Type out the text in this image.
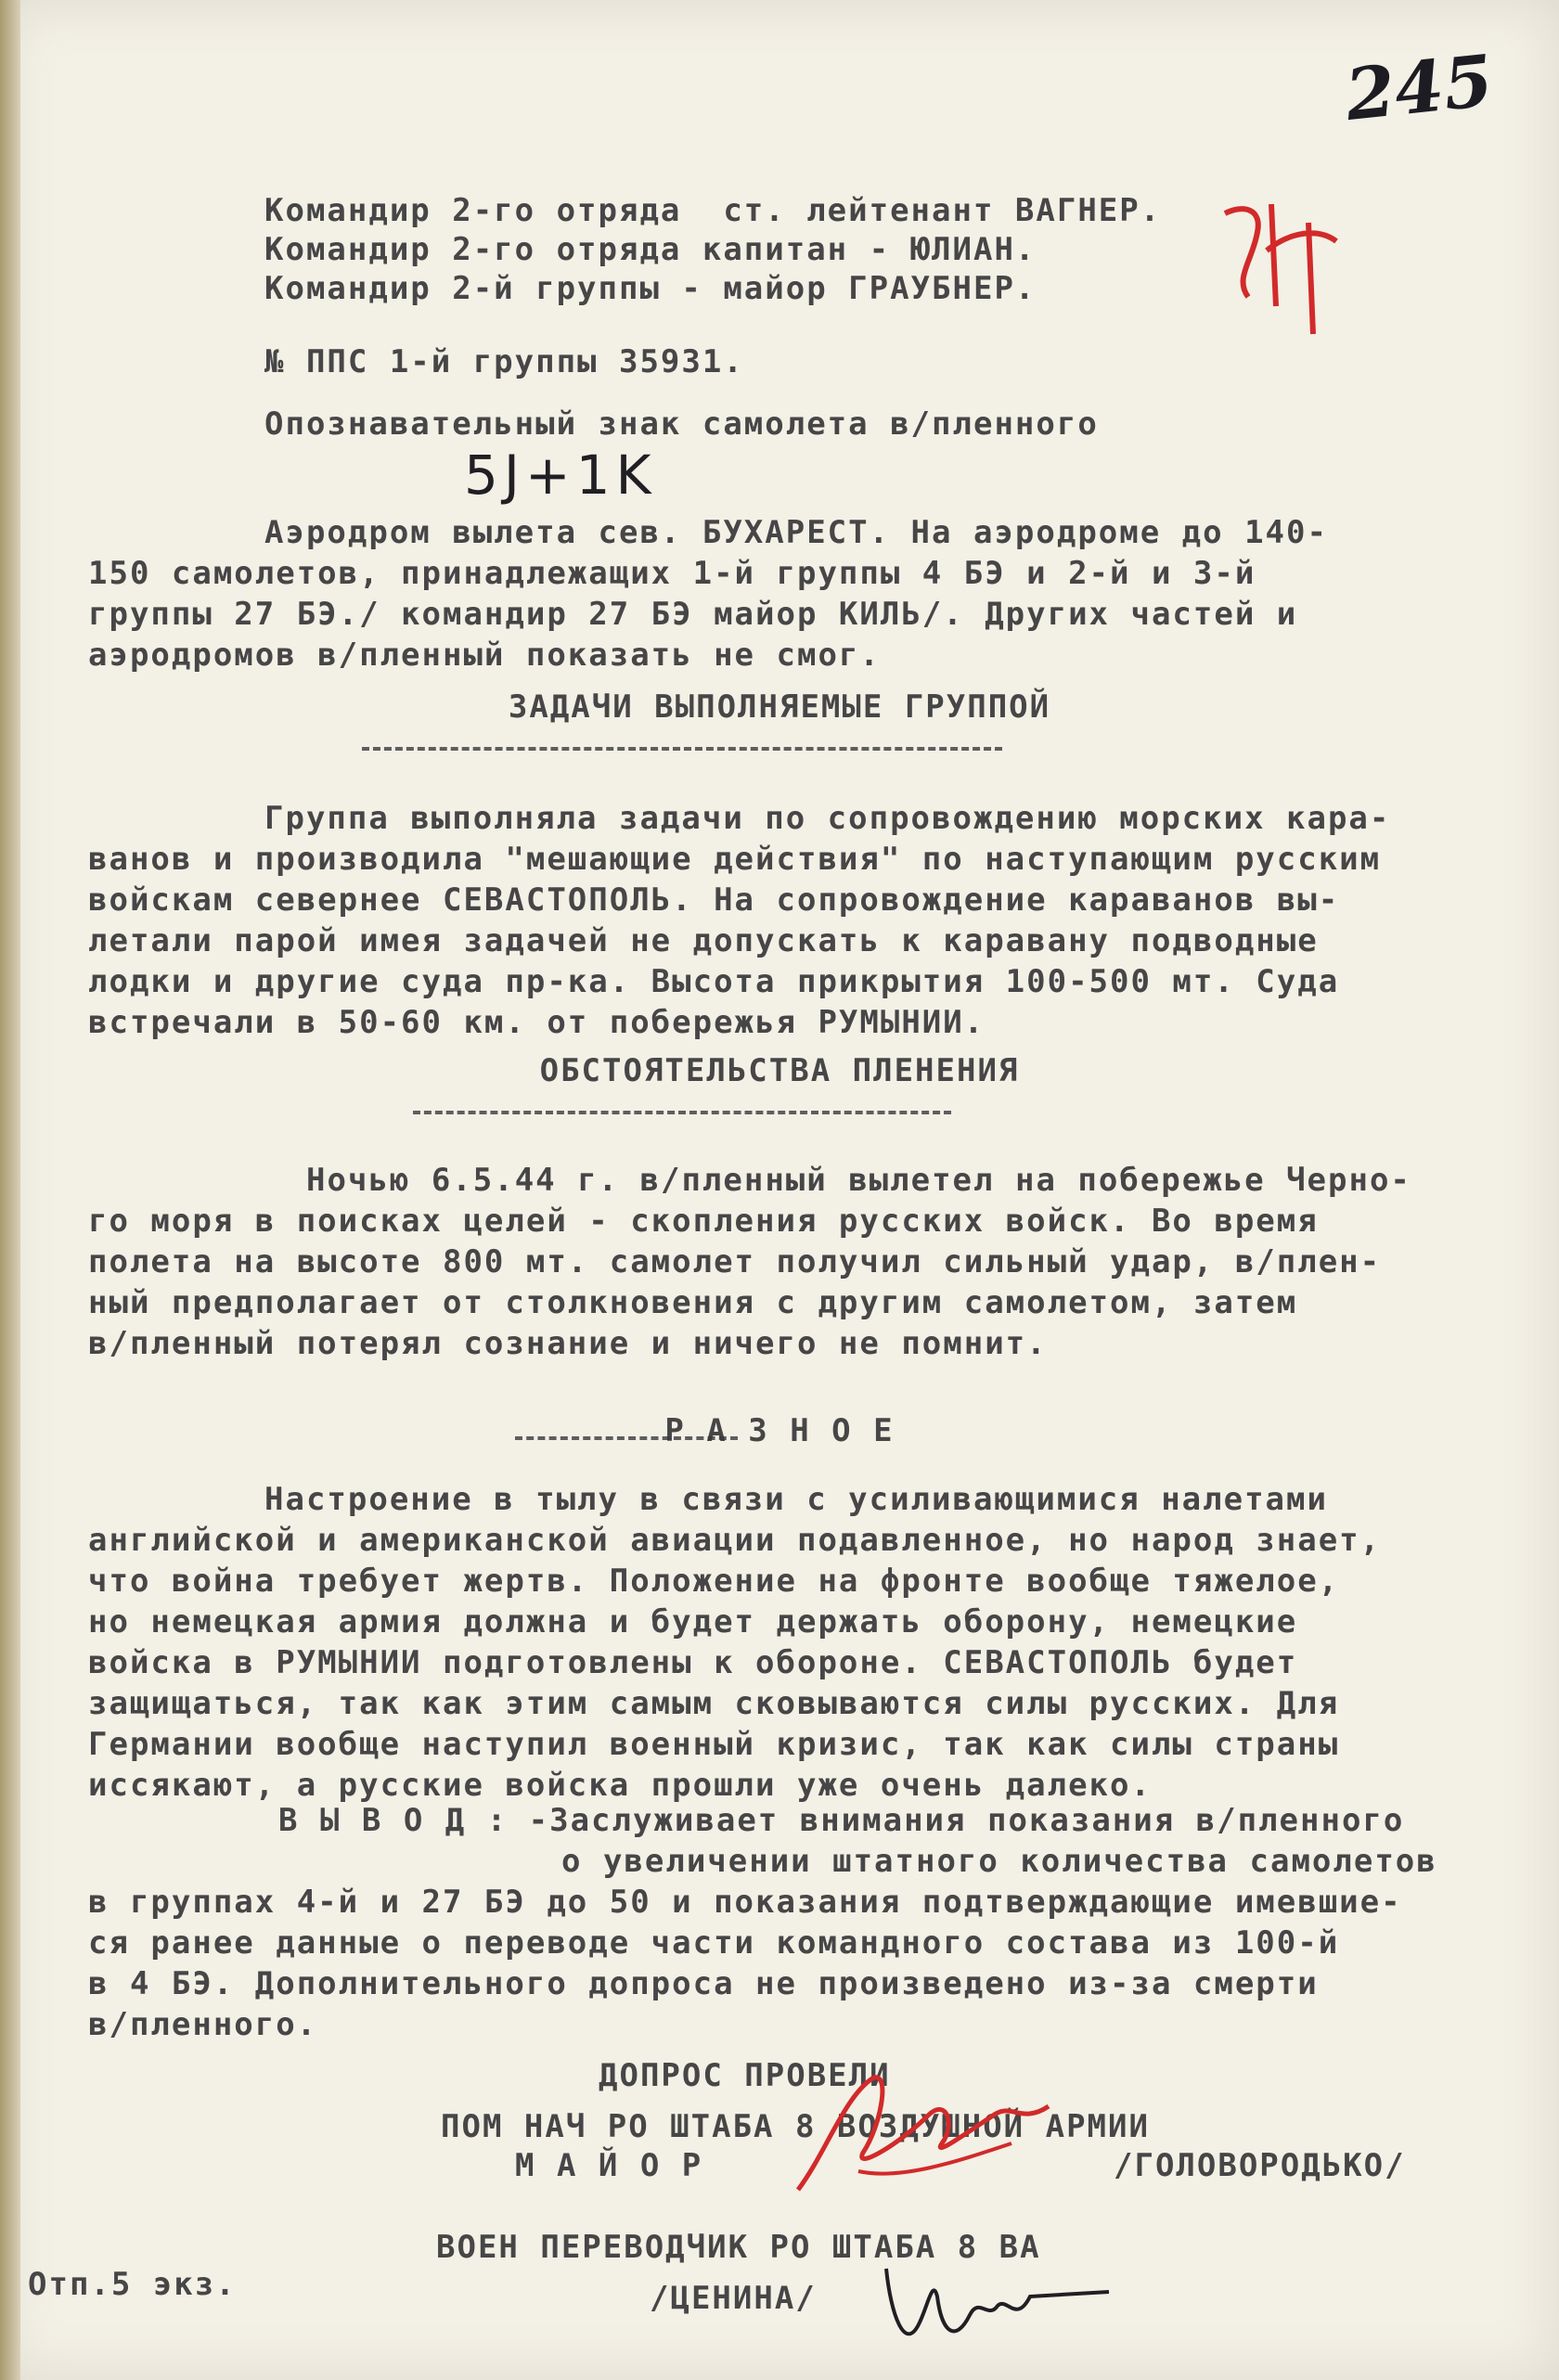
245
Командир 2-го отряда  ст. лейтенант ВАГНЕР.
Командир 2-го отряда капитан - ЮЛИАН.
Командир 2-й группы - майор ГРАУБНЕР.
№ ППС 1-й группы 35931.
Опознавательный знак самолета в/пленного
5J+1K
Аэродром вылета сев. БУХАРЕСТ. На аэродроме до 140-
150 самолетов, принадлежащих 1-й группы 4 БЭ и 2-й и 3-й
группы 27 БЭ./ командир 27 БЭ майор КИЛЬ/. Других частей и
аэродромов в/пленный показать не смог.
ЗАДАЧИ ВЫПОЛНЯЕМЫЕ ГРУППОЙ
Группа выполняла задачи по сопровождению морских кара-
ванов и производила "мешающие действия" по наступающим русским
войскам севернее СЕВАСТОПОЛЬ. На сопровождение караванов вы-
летали парой имея задачей не допускать к каравану подводные
лодки и другие суда пр-ка. Высота прикрытия 100-500 мт. Суда
встречали в 50-60 км. от побережья РУМЫНИИ.
ОБСТОЯТЕЛЬСТВА ПЛЕНЕНИЯ
Ночью 6.5.44 г. в/пленный вылетел на побережье Черно-
го моря в поисках целей - скопления русских войск. Во время
полета на высоте 800 мт. самолет получил сильный удар, в/плен-
ный предполагает от столкновения с другим самолетом, затем
в/пленный потерял сознание и ничего не помнит.
Р А З Н О Е
Настроение в тылу в связи с усиливающимися налетами
английской и американской авиации подавленное, но народ знает,
что война требует жертв. Положение на фронте вообще тяжелое,
но немецкая армия должна и будет держать оборону, немецкие
войска в РУМЫНИИ подготовлены к обороне. СЕВАСТОПОЛЬ будет
защищаться, так как этим самым сковываются силы русских. Для
Германии вообще наступил военный кризис, так как силы страны
иссякают, а русские войска прошли уже очень далеко.
В Ы В О Д : -Заслуживает внимания показания в/пленного
о увеличении штатного количества самолетов
в группах 4-й и 27 БЭ до 50 и показания подтверждающие имевшие-
ся ранее данные о переводе части командного состава из 100-й
в 4 БЭ. Дополнительного допроса не произведено из-за смерти
в/пленного.
ДОПРОС ПРОВЕЛИ
ПОМ НАЧ РО ШТАБА 8 ВОЗДУШНОЙ АРМИИ
М А Й О Р	/ГОЛОВОРОДЬКО/
ВОЕН ПЕРЕВОДЧИК РО ШТАБА 8 ВА
/ЦЕНИНА/
Отп.5 экз.
